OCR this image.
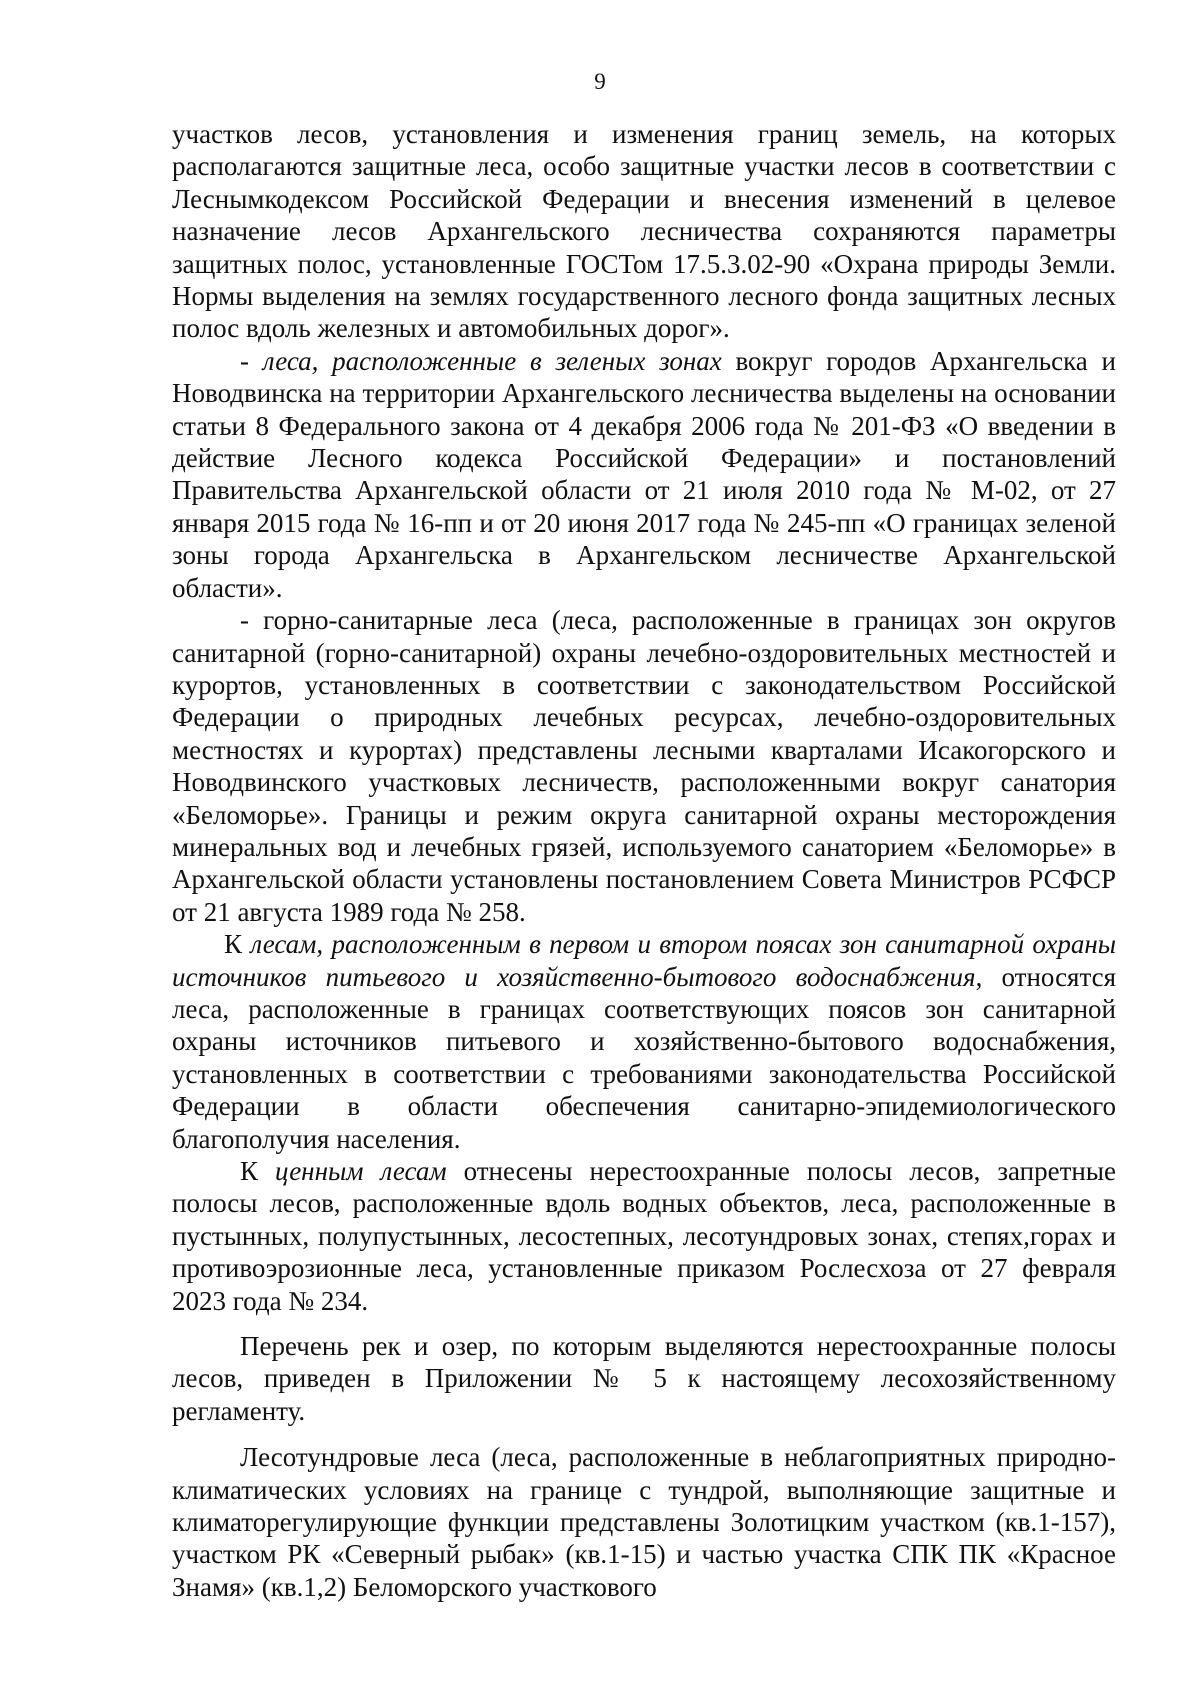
9

участков лесов, установления и изменения границ земель, на которых располагаются защитные леса, особо защитные участки лесов в соответствии с Леснымкодексом Российской Федерации и внесения изменений в целевое назначение лесов Архангельского лесничества сохраняются параметры защитных полос, установленные ГОСТом 17.5.3.02-90 «Охрана природы Земли. Нормы выделения на землях государственного лесного фонда защитных лесных полос вдоль железных и автомобильных дорог».

- леса, расположенные в зеленых зонах вокруг городов Архангельска и Новодвинска на территории Архангельского лесничества выделены на основании статьи 8 Федерального закона от 4 декабря 2006 года № 201-ФЗ «О введении в действие Лесного кодекса Российской Федерации» и постановлений Правительства Архангельской области от 21 июля 2010 года № М-02, от 27 января 2015 года № 16-пп и от 20 июня 2017 года № 245-пп «О границах зеленой зоны города Архангельска в Архангельском лесничестве Архангельской области».

- горно-санитарные леса (леса, расположенные в границах зон округов санитарной (горно-санитарной) охраны лечебно-оздоровительных местностей и курортов, установленных в соответствии с законодательством Российской Федерации о природных лечебных ресурсах, лечебно-оздоровительных местностях и курортах) представлены лесными кварталами Исакогорского и Новодвинского участковых лесничеств, расположенными вокруг санатория «Беломорье». Границы и режим округа санитарной охраны месторождения минеральных вод и лечебных грязей, используемого санаторием «Беломорье» в Архангельской области установлены постановлением Совета Министров РСФСР от 21 августа 1989 года № 258.

К лесам, расположенным в первом и втором поясах зон санитарной охраны источников питьевого и хозяйственно-бытового водоснабжения, относятся леса, расположенные в границах соответствующих поясов зон санитарной охраны источников питьевого и хозяйственно-бытового водоснабжения, установленных в соответствии с требованиями законодательства Российской Федерации в области обеспечения санитарно-эпидемиологического благополучия населения.

К ценным лесам отнесены нерестоохранные полосы лесов, запретные полосы лесов, расположенные вдоль водных объектов, леса, расположенные в пустынных, полупустынных, лесостепных, лесотундровых зонах, степях,горах и противоэрозионные леса, установленные приказом Рослесхоза от 27 февраля 2023 года № 234.

Перечень рек и озер, по которым выделяются нерестоохранные полосы лесов, приведен в Приложении № 5 к настоящему лесохозяйственному регламенту.

Лесотундровые леса (леса, расположенные в неблагоприятных природно-климатических условиях на границе с тундрой, выполняющие защитные и климаторегулирующие функции представлены Золотицким участком (кв.1-157), участком РК «Северный рыбак» (кв.1-15) и частью участка СПК ПК «Красное Знамя» (кв.1,2) Беломорского участкового
